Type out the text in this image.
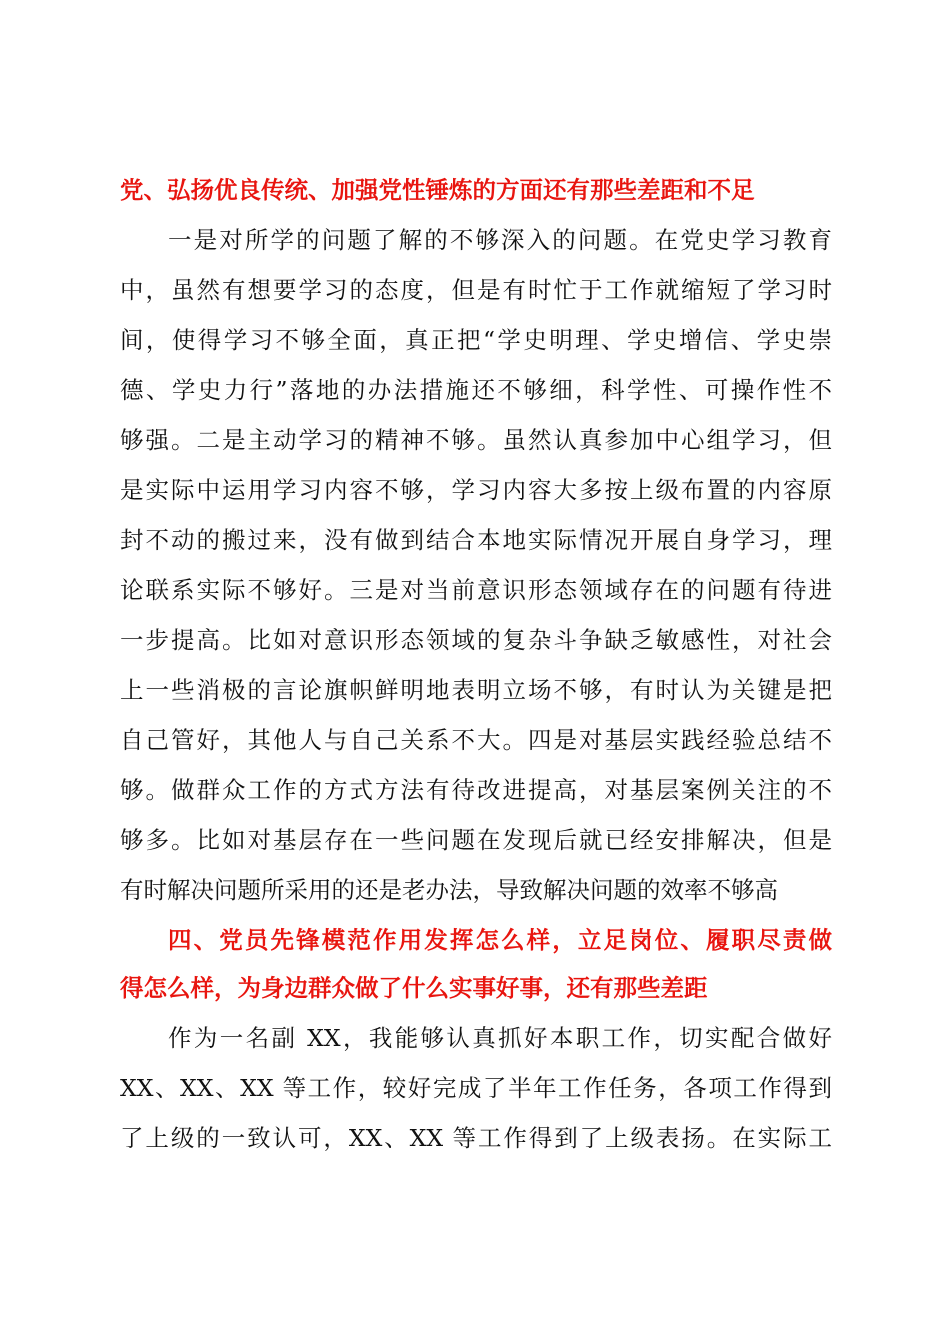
党、弘扬优良传统、加强党性锤炼的方面还有那些差距和不足
一是对所学的问题了解的不够深入的问题。在党史学习教育
中，虽然有想要学习的态度，但是有时忙于工作就缩短了学习时
间，使得学习不够全面，真正把“学史明理、学史增信、学史崇
德、学史力行”落地的办法措施还不够细，科学性、可操作性不
够强。二是主动学习的精神不够。虽然认真参加中心组学习，但
是实际中运用学习内容不够，学习内容大多按上级布置的内容原
封不动的搬过来，没有做到结合本地实际情况开展自身学习，理
论联系实际不够好。三是对当前意识形态领域存在的问题有待进
一步提高。比如对意识形态领域的复杂斗争缺乏敏感性，对社会
上一些消极的言论旗帜鲜明地表明立场不够，有时认为关键是把
自己管好，其他人与自己关系不大。四是对基层实践经验总结不
够。做群众工作的方式方法有待改进提高，对基层案例关注的不
够多。比如对基层存在一些问题在发现后就已经安排解决，但是
有时解决问题所采用的还是老办法，导致解决问题的效率不够高
四、党员先锋模范作用发挥怎么样，立足岗位、履职尽责做
得怎么样，为身边群众做了什么实事好事，还有那些差距
作为一名副 XX，我能够认真抓好本职工作，切实配合做好
XX、XX、XX 等工作，较好完成了半年工作任务，各项工作得到
了上级的一致认可，XX、XX 等工作得到了上级表扬。在实际工
